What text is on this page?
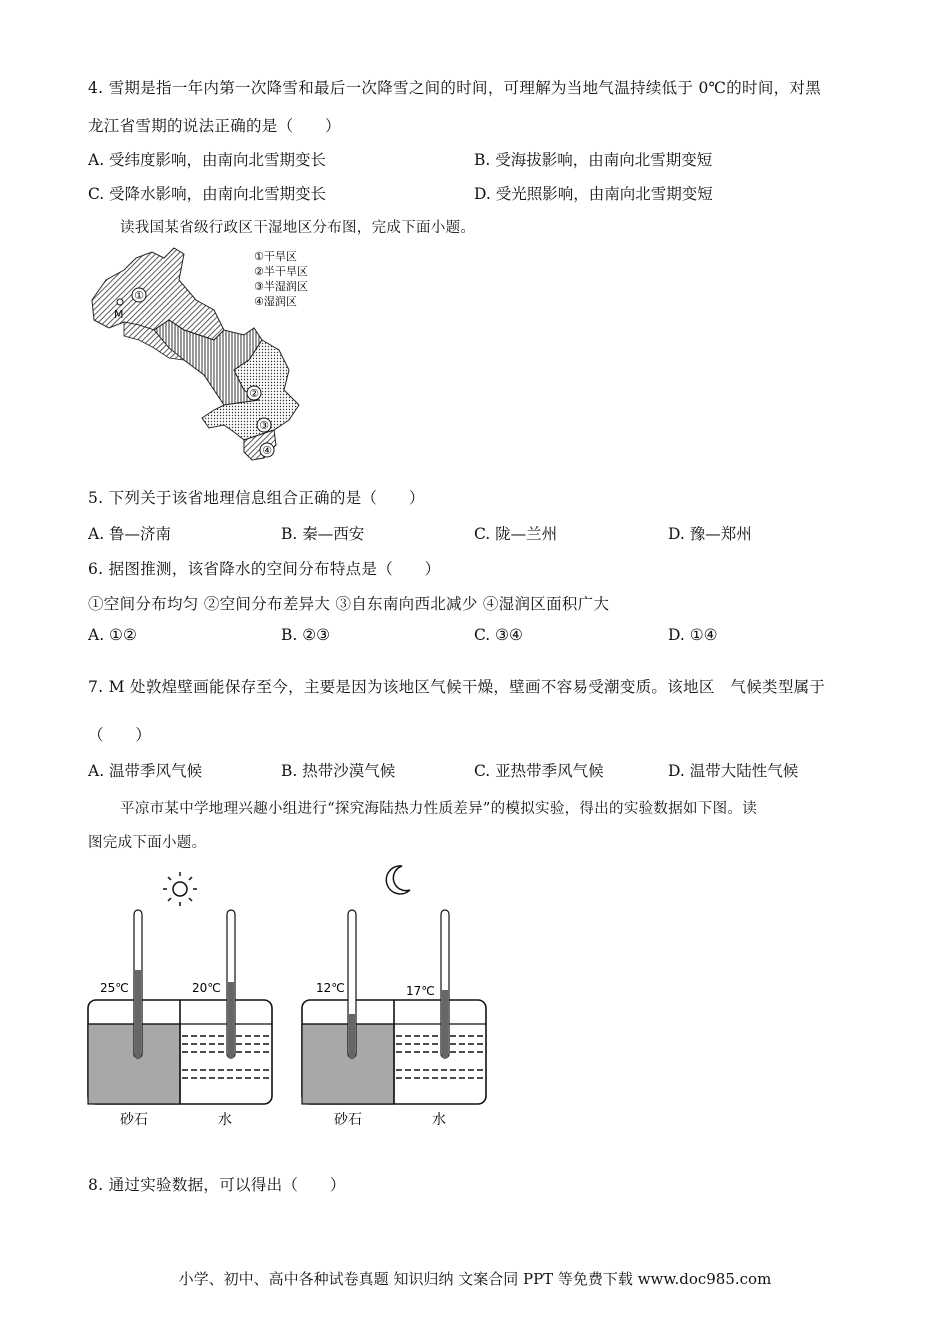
4. 雪期是指一年内第一次降雪和最后一次降雪之间的时间，可理解为当地气温持续低于 0℃的时间，对黑
龙江省雪期的说法正确的是（　　）
A. 受纬度影响，由南向北雪期变长	B. 受海拔影响，由南向北雪期变短
C. 受降水影响，由南向北雪期变长	D. 受光照影响，由南向北雪期变短
读我国某省级行政区干湿地区分布图，完成下面小题。
①
②
③
④
M
①干旱区
②半干旱区
③半湿润区
④湿润区
5. 下列关于该省地理信息组合正确的是（　　）
A. 鲁—济南	B. 秦—西安	C. 陇—兰州	D. 豫—郑州
6. 据图推测，该省降水的空间分布特点是（　　）
①空间分布均匀 ②空间分布差异大 ③自东南向西北减少 ④湿润区面积广大
A. ①②	B. ②③	C. ③④	D. ①④
7. M 处敦煌壁画能保存至今，主要是因为该地区气候干燥，壁画不容易受潮变质。该地区　气候类型属于
（　　）
A. 温带季风气候	B. 热带沙漠气候	C. 亚热带季风气候	D. 温带大陆性气候
平凉市某中学地理兴趣小组进行“探究海陆热力性质差异”的模拟实验，得出的实验数据如下图。读
图完成下面小题。
25℃	20℃
砂石	水
12℃	17℃
砂石	水
8. 通过实验数据，可以得出（　　）
小学、初中、高中各种试卷真题 知识归纳 文案合同 PPT 等免费下载 www.doc985.com
